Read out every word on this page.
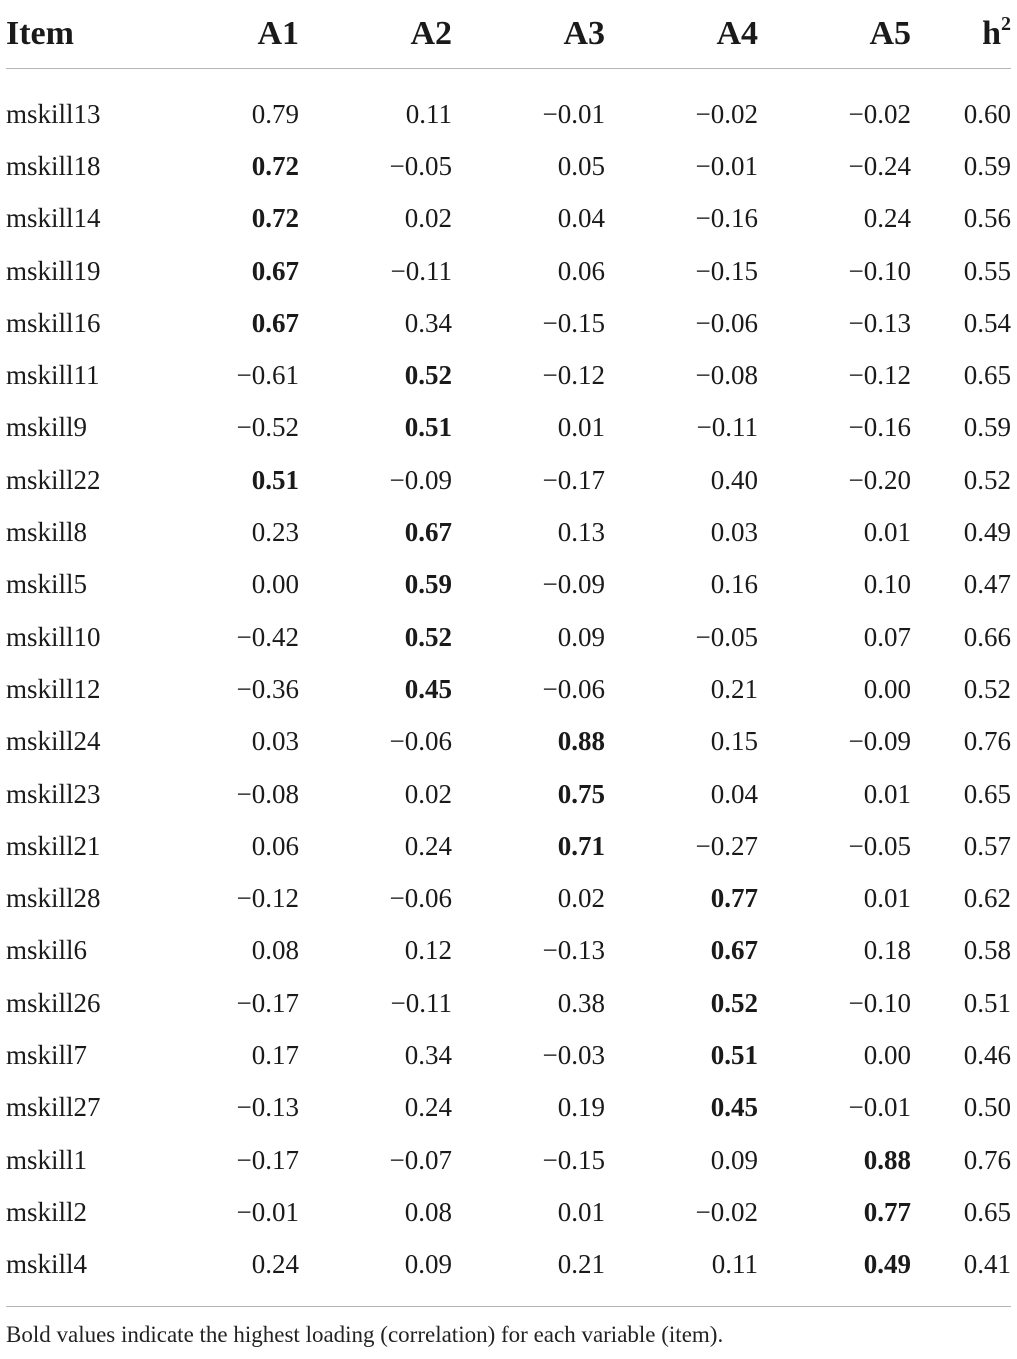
Item	A1	A2	A3	A4	A5	$h^2$

mskill13	0.79	0.11	−0.01	−0.02	−0.02	0.60
mskill18	0.72	−0.05	0.05	−0.01	−0.24	0.59
mskill14	0.72	0.02	0.04	−0.16	0.24	0.56
mskill19	0.67	−0.11	0.06	−0.15	−0.10	0.55
mskill16	0.67	0.34	−0.15	−0.06	−0.13	0.54
mskill11	−0.61	0.52	−0.12	−0.08	−0.12	0.65
mskill9	−0.52	0.51	0.01	−0.11	−0.16	0.59
mskill22	0.51	−0.09	−0.17	0.40	−0.20	0.52
mskill8	0.23	0.67	0.13	0.03	0.01	0.49
mskill5	0.00	0.59	−0.09	0.16	0.10	0.47
mskill10	−0.42	0.52	0.09	−0.05	0.07	0.66
mskill12	−0.36	0.45	−0.06	0.21	0.00	0.52
mskill24	0.03	−0.06	0.88	0.15	−0.09	0.76
mskill23	−0.08	0.02	0.75	0.04	0.01	0.65
mskill21	0.06	0.24	0.71	−0.27	−0.05	0.57
mskill28	−0.12	−0.06	0.02	0.77	0.01	0.62
mskill6	0.08	0.12	−0.13	0.67	0.18	0.58
mskill26	−0.17	−0.11	0.38	0.52	−0.10	0.51
mskill7	0.17	0.34	−0.03	0.51	0.00	0.46
mskill27	−0.13	0.24	0.19	0.45	−0.01	0.50
mskill1	−0.17	−0.07	−0.15	0.09	0.88	0.76
mskill2	−0.01	0.08	0.01	−0.02	0.77	0.65
mskill4	0.24	0.09	0.21	0.11	0.49	0.41
Bold values indicate the highest loading (correlation) for each variable (item).
